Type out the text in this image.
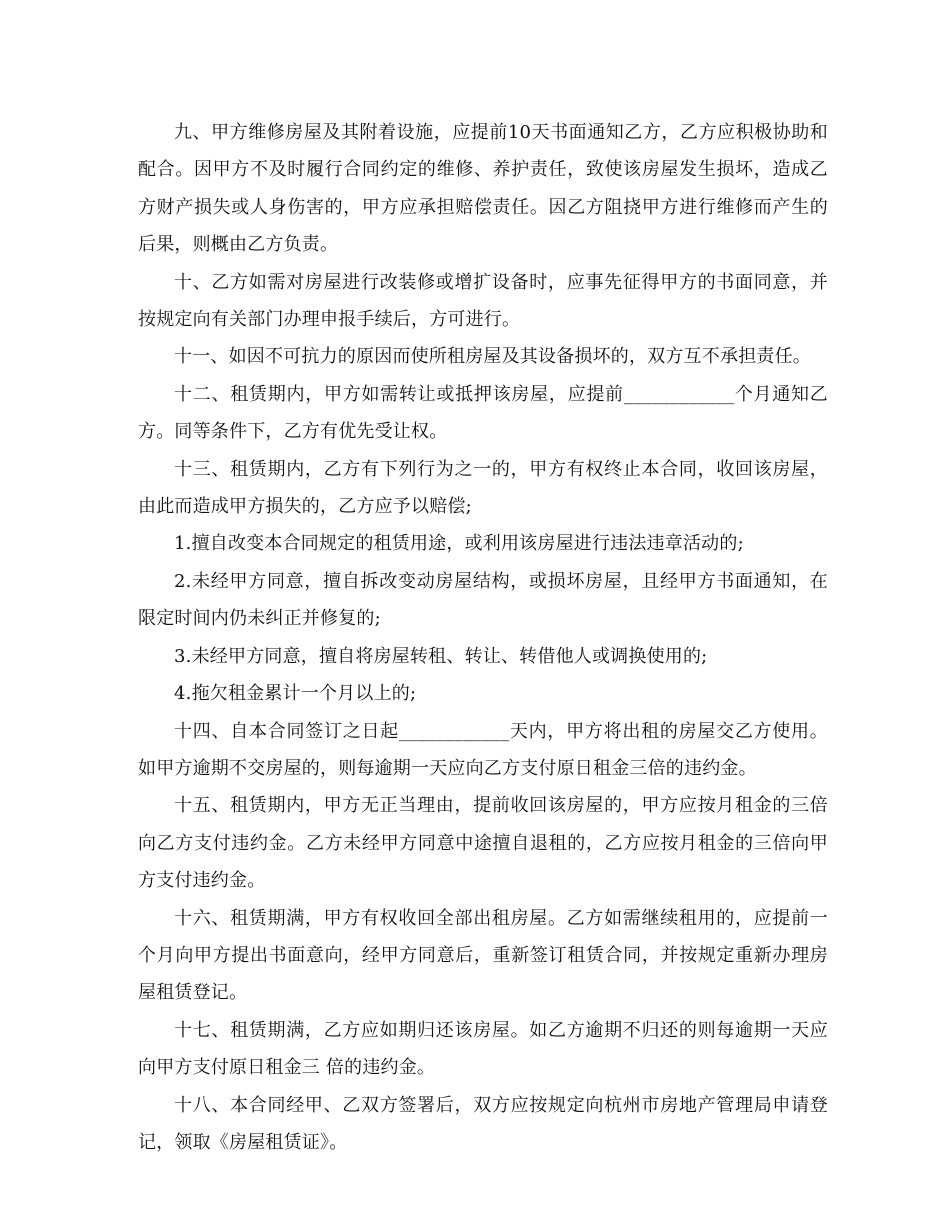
九、甲方维修房屋及其附着设施，应提前10天书面通知乙方，乙方应积极协助和配合。因甲方不及时履行合同约定的维修、养护责任，致使该房屋发生损坏，造成乙方财产损失或人身伤害的，甲方应承担赔偿责任。因乙方阻挠甲方进行维修而产生的后果，则概由乙方负责。

十、乙方如需对房屋进行改装修或增扩设备时，应事先征得甲方的书面同意，并按规定向有关部门办理申报手续后，方可进行。

十一、如因不可抗力的原因而使所租房屋及其设备损坏的，双方互不承担责任。

十二、租赁期内，甲方如需转让或抵押该房屋，应提前____________个月通知乙方。同等条件下，乙方有优先受让权。

十三、租赁期内，乙方有下列行为之一的，甲方有权终止本合同，收回该房屋，由此而造成甲方损失的，乙方应予以赔偿;

1.擅自改变本合同规定的租赁用途，或利用该房屋进行违法违章活动的;

2.未经甲方同意，擅自拆改变动房屋结构，或损坏房屋，且经甲方书面通知，在限定时间内仍未纠正并修复的;

3.未经甲方同意，擅自将房屋转租、转让、转借他人或调换使用的;

4.拖欠租金累计一个月以上的;

十四、自本合同签订之日起____________天内，甲方将出租的房屋交乙方使用。如甲方逾期不交房屋的，则每逾期一天应向乙方支付原日租金三倍的违约金。

十五、租赁期内，甲方无正当理由，提前收回该房屋的，甲方应按月租金的三倍向乙方支付违约金。乙方未经甲方同意中途擅自退租的，乙方应按月租金的三倍向甲方支付违约金。

十六、租赁期满，甲方有权收回全部出租房屋。乙方如需继续租用的，应提前一个月向甲方提出书面意向，经甲方同意后，重新签订租赁合同，并按规定重新办理房屋租赁登记。

十七、租赁期满，乙方应如期归还该房屋。如乙方逾期不归还的则每逾期一天应向甲方支付原日租金三 倍的违约金。

十八、本合同经甲、乙双方签署后，双方应按规定向杭州市房地产管理局申请登记，领取《房屋租赁证》。
